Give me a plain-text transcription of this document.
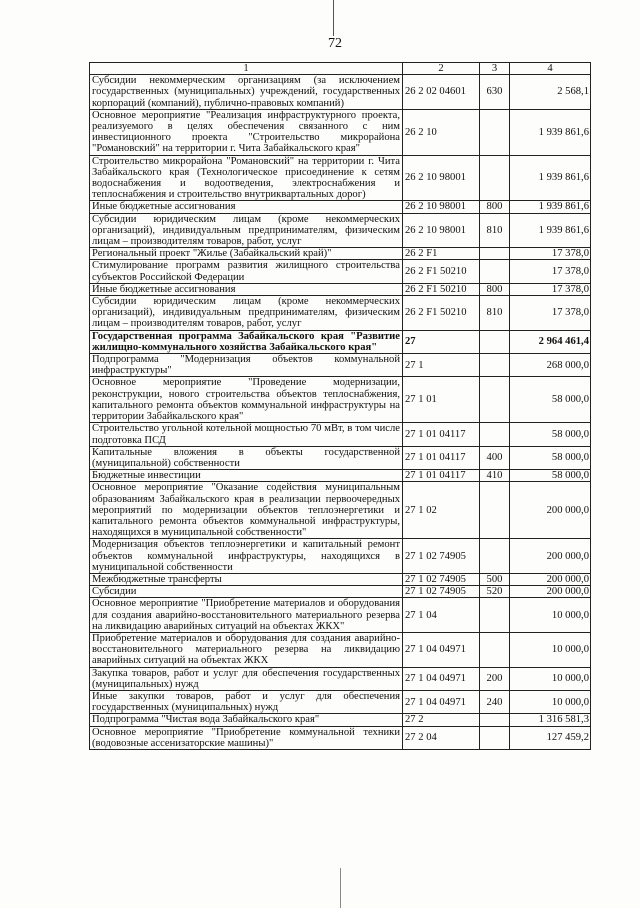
72
1	2	3	4
Субсидии некоммерческим организациям (за исключением государственных (муниципальных) учреждений, государственных корпораций (компаний), публично-правовых компаний)	26 2 02 04601	630	2 568,1
Основное мероприятие "Реализация инфраструктурного проекта, реализуемого в целях обеспечения связанного с ним инвестиционного проекта "Строительство микрорайона "Романовский" на территории г. Чита Забайкальского края"	26 2 10		1 939 861,6
Строительство микрорайона "Романовский" на территории г. Чита Забайкальского края (Технологическое присоединение к сетям водоснабжения и водоотведения, электроснабжения и теплоснабжения и строительство внутриквартальных дорог)	26 2 10 98001		1 939 861,6
Иные бюджетные ассигнования	26 2 10 98001	800	1 939 861,6
Субсидии юридическим лицам (кроме некоммерческих организаций), индивидуальным предпринимателям, физическим лицам – производителям товаров, работ, услуг	26 2 10 98001	810	1 939 861,6
Региональный проект "Жилье (Забайкальский край)"	26 2 F1		17 378,0
Стимулирование программ развития жилищного строительства субъектов Российской Федерации	26 2 F1 50210		17 378,0
Иные бюджетные ассигнования	26 2 F1 50210	800	17 378,0
Субсидии юридическим лицам (кроме некоммерческих организаций), индивидуальным предпринимателям, физическим лицам – производителям товаров, работ, услуг	26 2 F1 50210	810	17 378,0
Государственная программа Забайкальского края "Развитие жилищно-коммунального хозяйства Забайкальского края"	27		2 964 461,4
Подпрограмма "Модернизация объектов коммунальной инфраструктуры"	27 1		268 000,0
Основное мероприятие "Проведение модернизации, реконструкции, нового строительства объектов теплоснабжения, капитального ремонта объектов коммунальной инфраструктуры на территории Забайкальского края"	27 1 01		58 000,0
Строительство угольной котельной мощностью 70 мВт, в том числе подготовка ПСД	27 1 01 04117		58 000,0
Капитальные вложения в объекты государственной (муниципальной) собственности	27 1 01 04117	400	58 000,0
Бюджетные инвестиции	27 1 01 04117	410	58 000,0
Основное мероприятие "Оказание содействия муниципальным образованиям Забайкальского края в реализации первоочередных мероприятий по модернизации объектов теплоэнергетики и капитального ремонта объектов коммунальной инфраструктуры, находящихся в муниципальной собственности"	27 1 02		200 000,0
Модернизация объектов теплоэнергетики и капитальный ремонт объектов коммунальной инфраструктуры, находящихся в муниципальной собственности	27 1 02 74905		200 000,0
Межбюджетные трансферты	27 1 02 74905	500	200 000,0
Субсидии	27 1 02 74905	520	200 000,0
Основное мероприятие "Приобретение материалов и оборудования для создания аварийно-восстановительного материального резерва на ликвидацию аварийных ситуаций на объектах ЖКХ"	27 1 04		10 000,0
Приобретение материалов и оборудования для создания аварийно-восстановительного материального резерва на ликвидацию аварийных ситуаций на объектах ЖКХ	27 1 04 04971		10 000,0
Закупка товаров, работ и услуг для обеспечения государственных (муниципальных) нужд	27 1 04 04971	200	10 000,0
Иные закупки товаров, работ и услуг для обеспечения государственных (муниципальных) нужд	27 1 04 04971	240	10 000,0
Подпрограмма "Чистая вода Забайкальского края"	27 2		1 316 581,3
Основное мероприятие "Приобретение коммунальной техники (водовозные ассенизаторские машины)"	27 2 04		127 459,2
